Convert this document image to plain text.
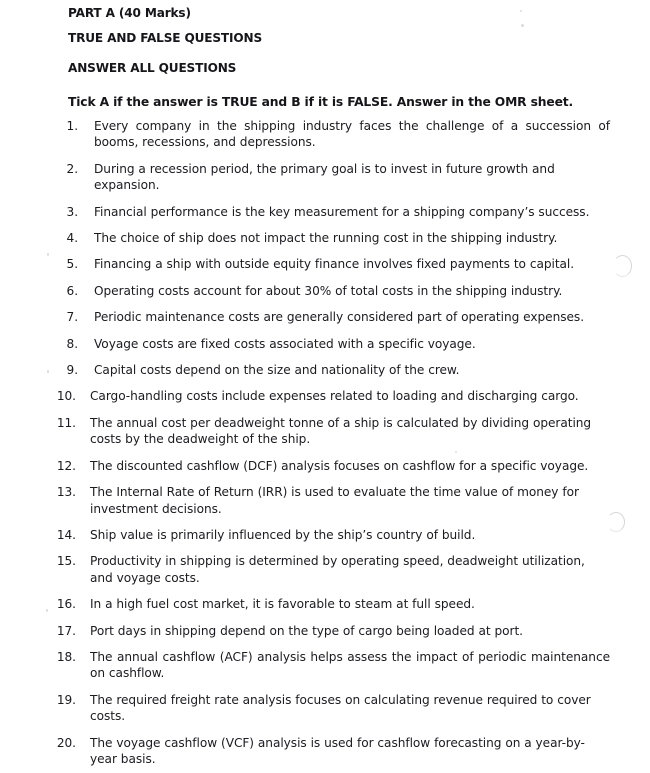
PART A (40 Marks)
TRUE AND FALSE QUESTIONS
ANSWER ALL QUESTIONS
Tick A if the answer is TRUE and B if it is FALSE. Answer in the OMR sheet.
1. Every company in the shipping industry faces the challenge of a succession of booms, recessions, and depressions.
2. During a recession period, the primary goal is to invest in future growth and expansion.
3. Financial performance is the key measurement for a shipping company’s success.
4. The choice of ship does not impact the running cost in the shipping industry.
5. Financing a ship with outside equity finance involves fixed payments to capital.
6. Operating costs account for about 30% of total costs in the shipping industry.
7. Periodic maintenance costs are generally considered part of operating expenses.
8. Voyage costs are fixed costs associated with a specific voyage.
9. Capital costs depend on the size and nationality of the crew.
10. Cargo-handling costs include expenses related to loading and discharging cargo.
11. The annual cost per deadweight tonne of a ship is calculated by dividing operating costs by the deadweight of the ship.
12. The discounted cashflow (DCF) analysis focuses on cashflow for a specific voyage.
13. The Internal Rate of Return (IRR) is used to evaluate the time value of money for investment decisions.
14. Ship value is primarily influenced by the ship’s country of build.
15. Productivity in shipping is determined by operating speed, deadweight utilization, and voyage costs.
16. In a high fuel cost market, it is favorable to steam at full speed.
17. Port days in shipping depend on the type of cargo being loaded at port.
18. The annual cashflow (ACF) analysis helps assess the impact of periodic maintenance on cashflow.
19. The required freight rate analysis focuses on calculating revenue required to cover costs.
20. The voyage cashflow (VCF) analysis is used for cashflow forecasting on a year-by-year basis.
